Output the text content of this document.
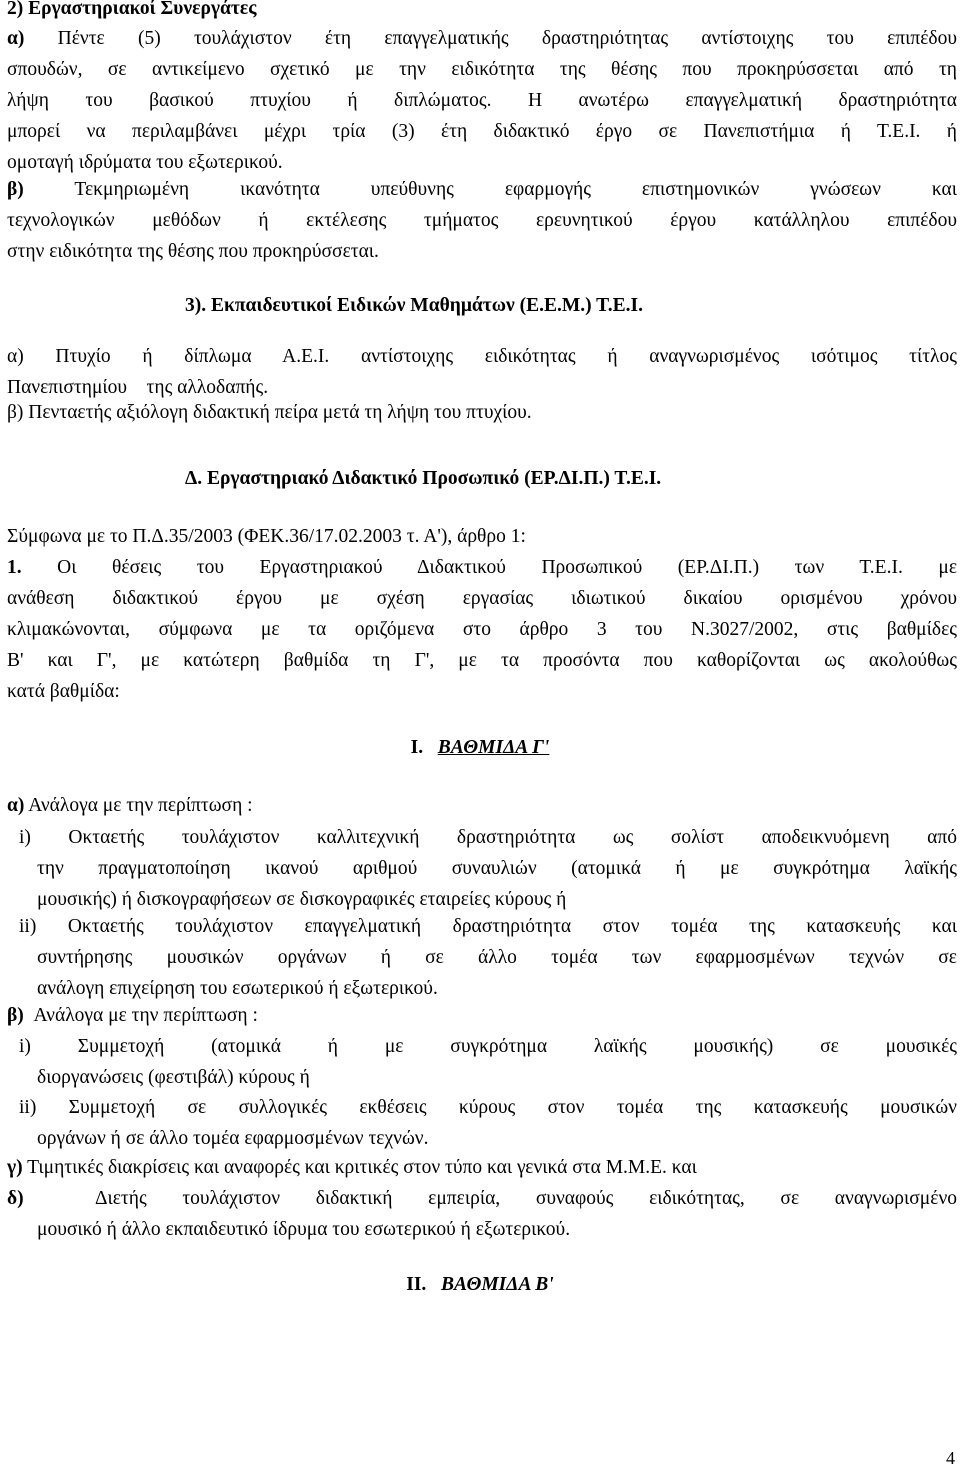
2) Εργαστηριακοί Συνεργάτες
α) Πέντε (5) τουλάχιστον έτη επαγγελματικής δραστηριότητας αντίστοιχης του επιπέδου
σπουδών, σε αντικείμενο σχετικό με την ειδικότητα της θέσης που προκηρύσσεται από τη
λήψη του βασικού πτυχίου ή διπλώματος. Η ανωτέρω επαγγελματική δραστηριότητα
μπορεί να περιλαμβάνει μέχρι τρία (3) έτη διδακτικό έργο σε Πανεπιστήμια ή Τ.Ε.Ι. ή
ομοταγή ιδρύματα του εξωτερικού.
β)	Τεκμηριωμένη ικανότητα υπεύθυνης εφαρμογής επιστημονικών γνώσεων και
τεχνολογικών μεθόδων ή εκτέλεσης τμήματος ερευνητικού έργου κατάλληλου επιπέδου
στην ειδικότητα της θέσης που προκηρύσσεται.
3). Εκπαιδευτικοί Ειδικών Μαθημάτων (Ε.Ε.Μ.) Τ.Ε.Ι.
α) Πτυχίο ή δίπλωμα Α.Ε.Ι. αντίστοιχης ειδικότητας ή αναγνωρισμένος ισότιμος τίτλος
Πανεπιστημίου    της αλλοδαπής.
β) Πενταετής αξιόλογη διδακτική πείρα μετά τη λήψη του πτυχίου.
Δ. Εργαστηριακό Διδακτικό Προσωπικό (ΕΡ.ΔΙ.Π.) Τ.Ε.Ι.
Σύμφωνα με το Π.Δ.35/2003 (ΦΕΚ.36/17.02.2003 τ. Α'), άρθρο 1:
1. Οι θέσεις του Εργαστηριακού Διδακτικού Προσωπικού (ΕΡ.ΔΙ.Π.) των Τ.Ε.Ι. με
ανάθεση διδακτικού έργου με σχέση εργασίας ιδιωτικού δικαίου ορισμένου χρόνου
κλιμακώνονται, σύμφωνα με τα οριζόμενα στο άρθρο 3 του Ν.3027/2002, στις βαθμίδες
Β' και Γ', με κατώτερη βαθμίδα τη Γ', με τα προσόντα που καθορίζονται ως ακολούθως
κατά βαθμίδα:
Ι. ΒΑΘΜΙΔΑ Γ'
α) Ανάλογα με την περίπτωση :
i) Οκταετής τουλάχιστον καλλιτεχνική δραστηριότητα ως σολίστ αποδεικνυόμενη από
την πραγματοποίηση ικανού αριθμού συναυλιών (ατομικά ή με συγκρότημα λαϊκής
μουσικής) ή δισκογραφήσεων σε δισκογραφικές εταιρείες κύρους ή
ii) Οκταετής τουλάχιστον επαγγελματική δραστηριότητα στον τομέα της κατασκευής και
συντήρησης μουσικών οργάνων ή σε άλλο τομέα των εφαρμοσμένων τεχνών σε
ανάλογη επιχείρηση του εσωτερικού ή εξωτερικού.
β) Ανάλογα με την περίπτωση :
i) Συμμετοχή (ατομικά ή με συγκρότημα λαϊκής μουσικής) σε μουσικές
διοργανώσεις (φεστιβάλ) κύρους ή
ii) Συμμετοχή σε συλλογικές εκθέσεις κύρους στον τομέα της κατασκευής μουσικών
οργάνων ή σε άλλο τομέα εφαρμοσμένων τεχνών.
γ) Τιμητικές διακρίσεις και αναφορές και κριτικές στον τύπο και γενικά στα Μ.Μ.Ε. και
δ)	Διετής τουλάχιστον διδακτική εμπειρία, συναφούς ειδικότητας, σε αναγνωρισμένο
μουσικό ή άλλο εκπαιδευτικό ίδρυμα του εσωτερικού ή εξωτερικού.
ΙΙ. ΒΑΘΜΙΔΑ Β'
4
